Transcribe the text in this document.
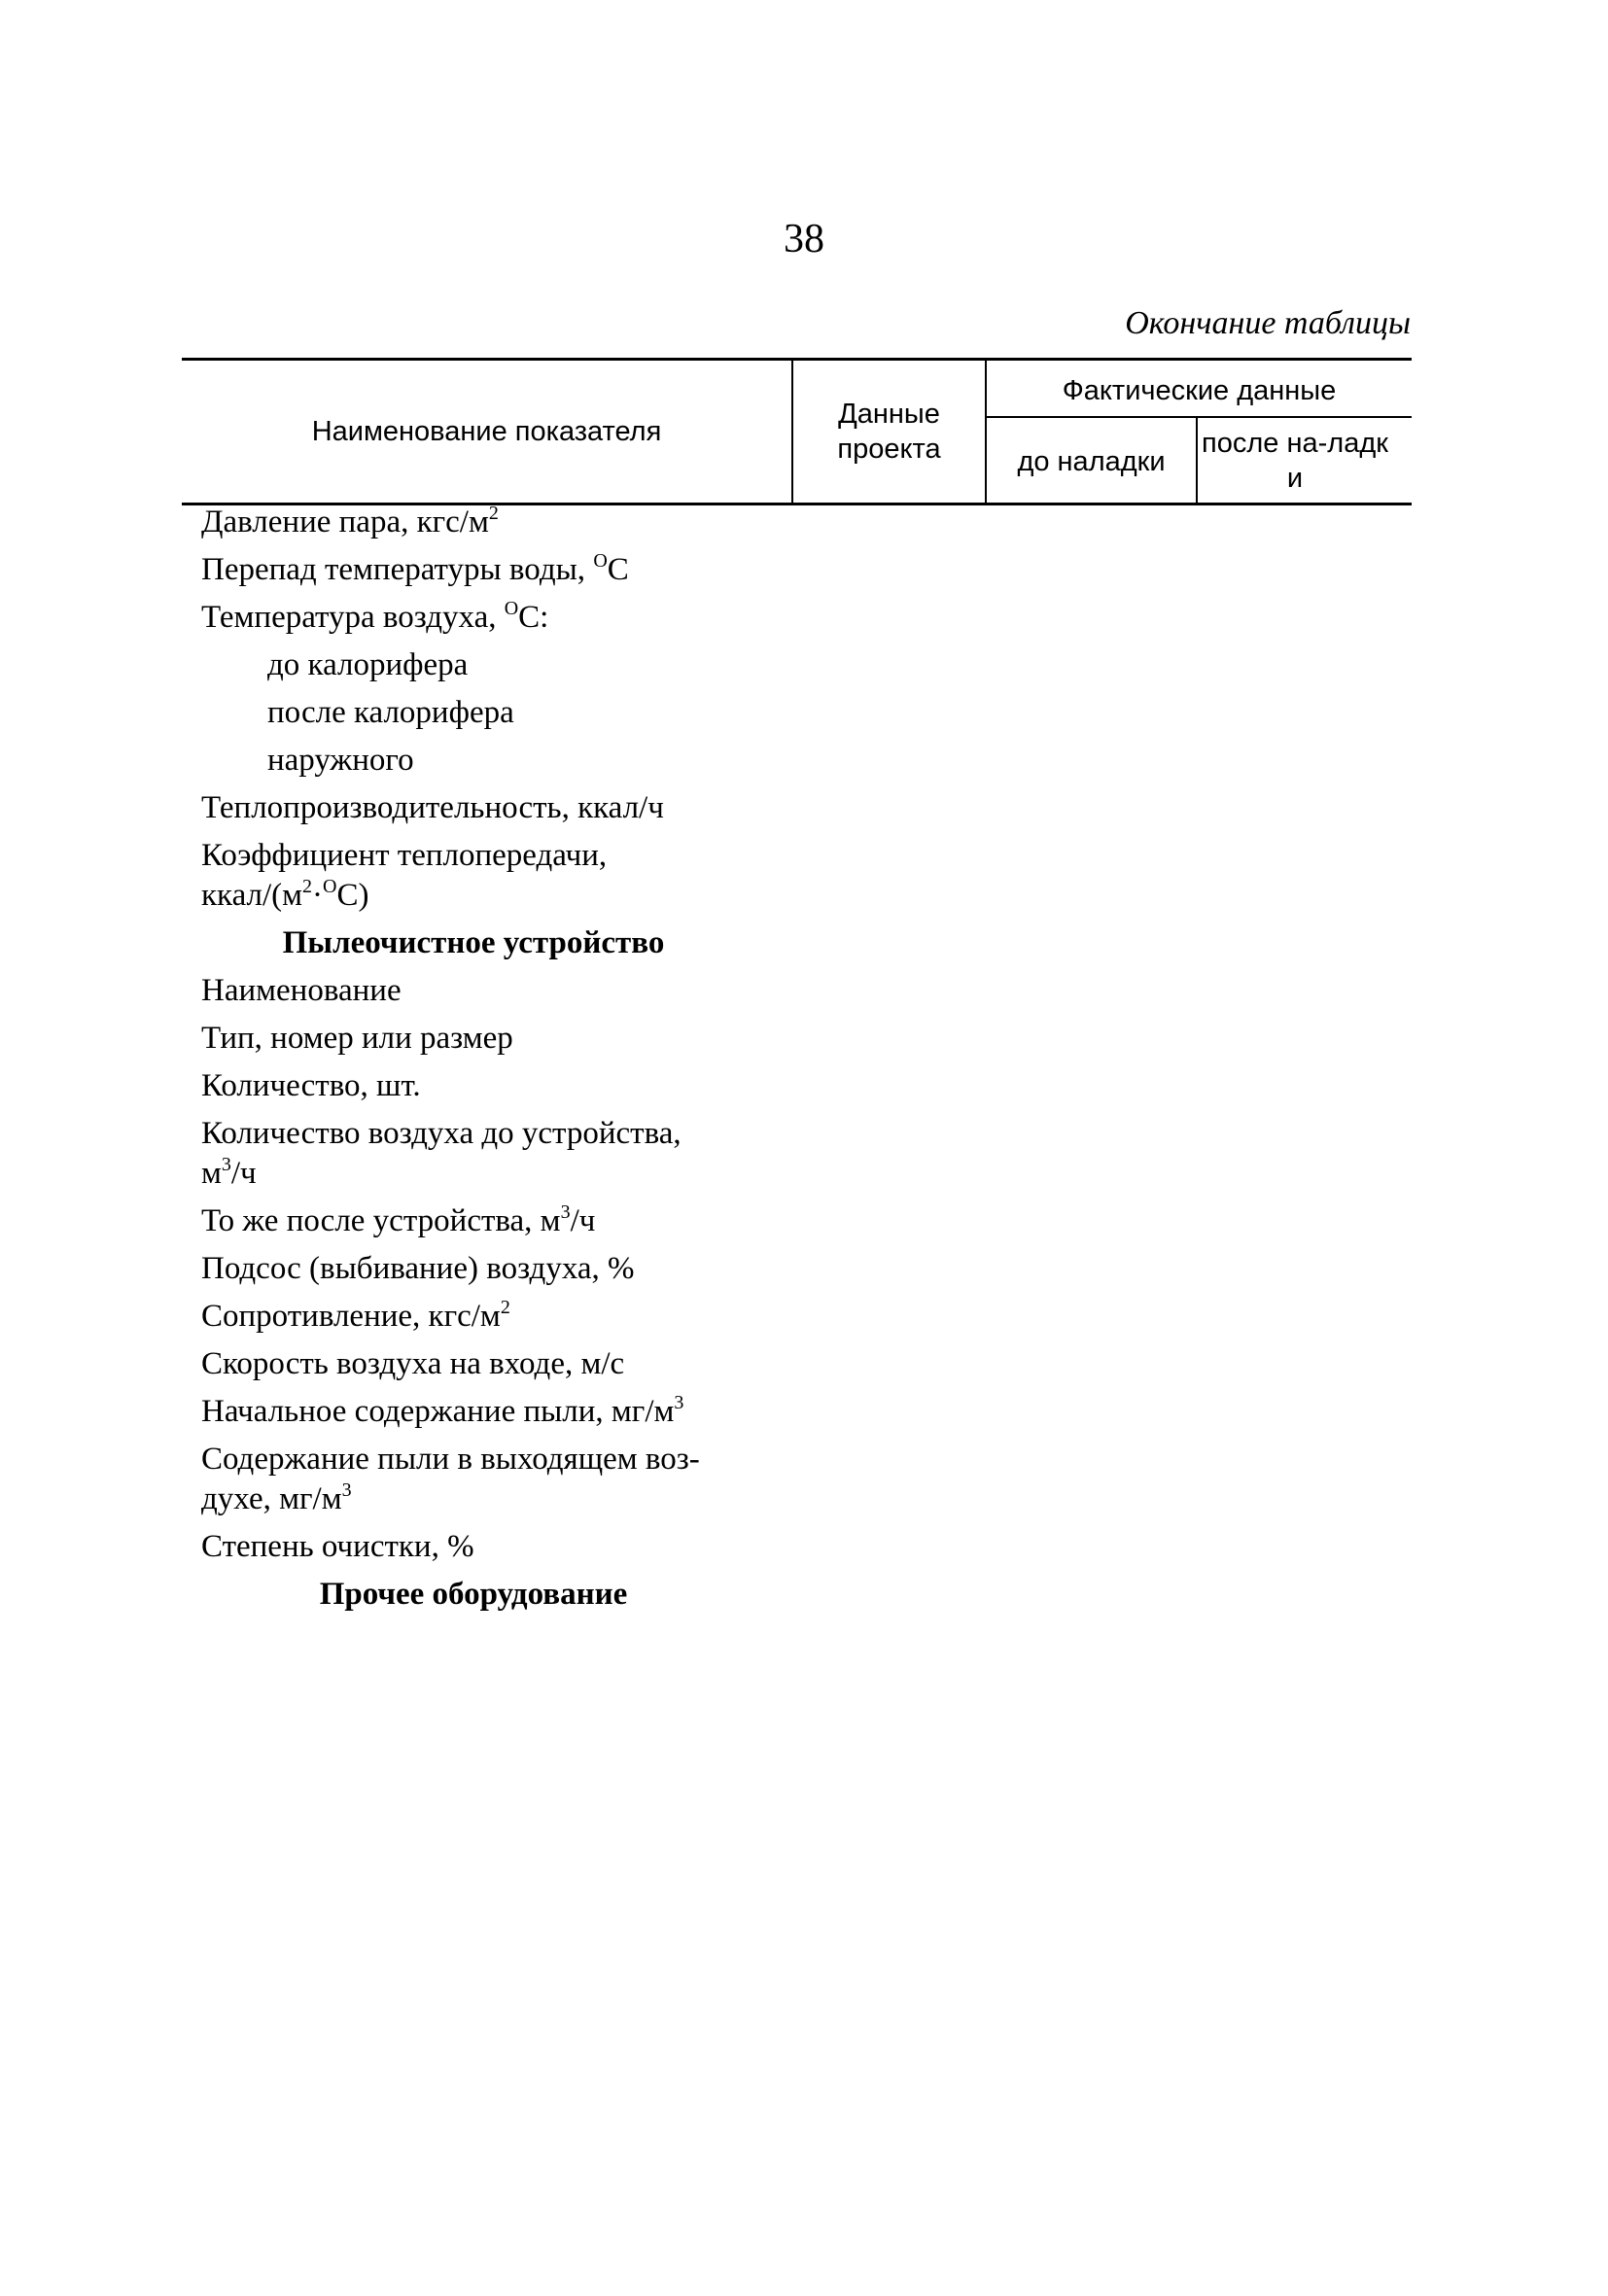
38
Окончание таблицы
Наименование показателя
Данные проекта
Фактические данные
до наладки
после на-ладки
Давление пара, кгс/$м^2$
Перепад температуры воды, $^O$С
Температура воздуха, $^O$С:
до калорифера
после калорифера
наружного
Теплопроизводительность, ккал/ч
Коэффициент теплопередачи,
ккал/$(м^2\cdot^OС)$
Пылеочистное устройство
Наименование
Тип, номер или размер
Количество, шт.
Количество воздуха до устройства,
$м^3/ч$
То же после устройства, $м^3/ч$
Подсос (выбивание) воздуха, %
Сопротивление, кгс/$м^2$
Скорость воздуха на входе, м/с
Начальное содержание пыли, $мг/м^3$
Содержание пыли в выходящем воз-
духе, $мг/м^3$
Степень очистки, %
Прочее оборудование
